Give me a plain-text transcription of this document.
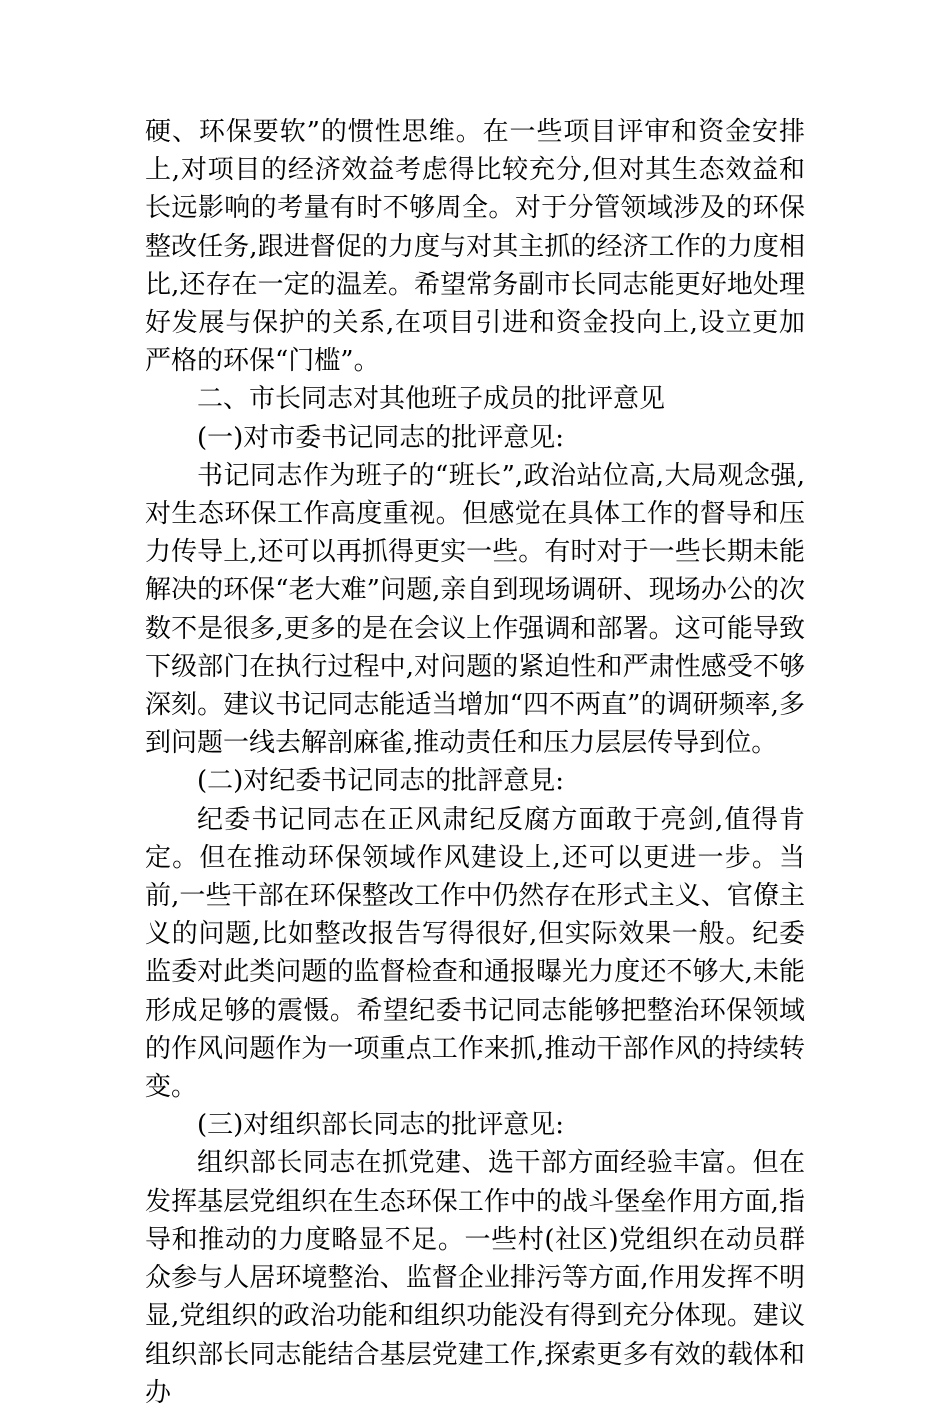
硬、环保要软”的惯性思维。在一些项目评审和资金安排上,对项目的经济效益考虑得比较充分,但对其生态效益和长远影响的考量有时不够周全。对于分管领域涉及的环保整改任务,跟进督促的力度与对其主抓的经济工作的力度相比,还存在一定的温差。希望常务副市长同志能更好地处理好发展与保护的关系,在项目引进和资金投向上,设立更加严格的环保“门槛”。

二、市长同志对其他班子成员的批评意见

(一)对市委书记同志的批评意见:

书记同志作为班子的“班长”,政治站位高,大局观念强,对生态环保工作高度重视。但感觉在具体工作的督导和压力传导上,还可以再抓得更实一些。有时对于一些长期未能解决的环保“老大难”问题,亲自到现场调研、现场办公的次数不是很多,更多的是在会议上作强调和部署。这可能导致下级部门在执行过程中,对问题的紧迫性和严肃性感受不够深刻。建议书记同志能适当增加“四不两直”的调研频率,多到问题一线去解剖麻雀,推动责任和压力层层传导到位。

(二)对纪委书记同志的批評意見:

纪委书记同志在正风肃纪反腐方面敢于亮剑,值得肯定。但在推动环保领域作风建设上,还可以更进一步。当前,一些干部在环保整改工作中仍然存在形式主义、官僚主义的问题,比如整改报告写得很好,但实际效果一般。纪委监委对此类问题的监督检查和通报曝光力度还不够大,未能形成足够的震慑。希望纪委书记同志能够把整治环保领域的作风问题作为一项重点工作来抓,推动干部作风的持续转变。

(三)对组织部长同志的批评意见:

组织部长同志在抓党建、选干部方面经验丰富。但在发挥基层党组织在生态环保工作中的战斗堡垒作用方面,指导和推动的力度略显不足。一些村(社区)党组织在动员群众参与人居环境整治、监督企业排污等方面,作用发挥不明显,党组织的政治功能和组织功能没有得到充分体现。建议组织部长同志能结合基层党建工作,探索更多有效的载体和办
